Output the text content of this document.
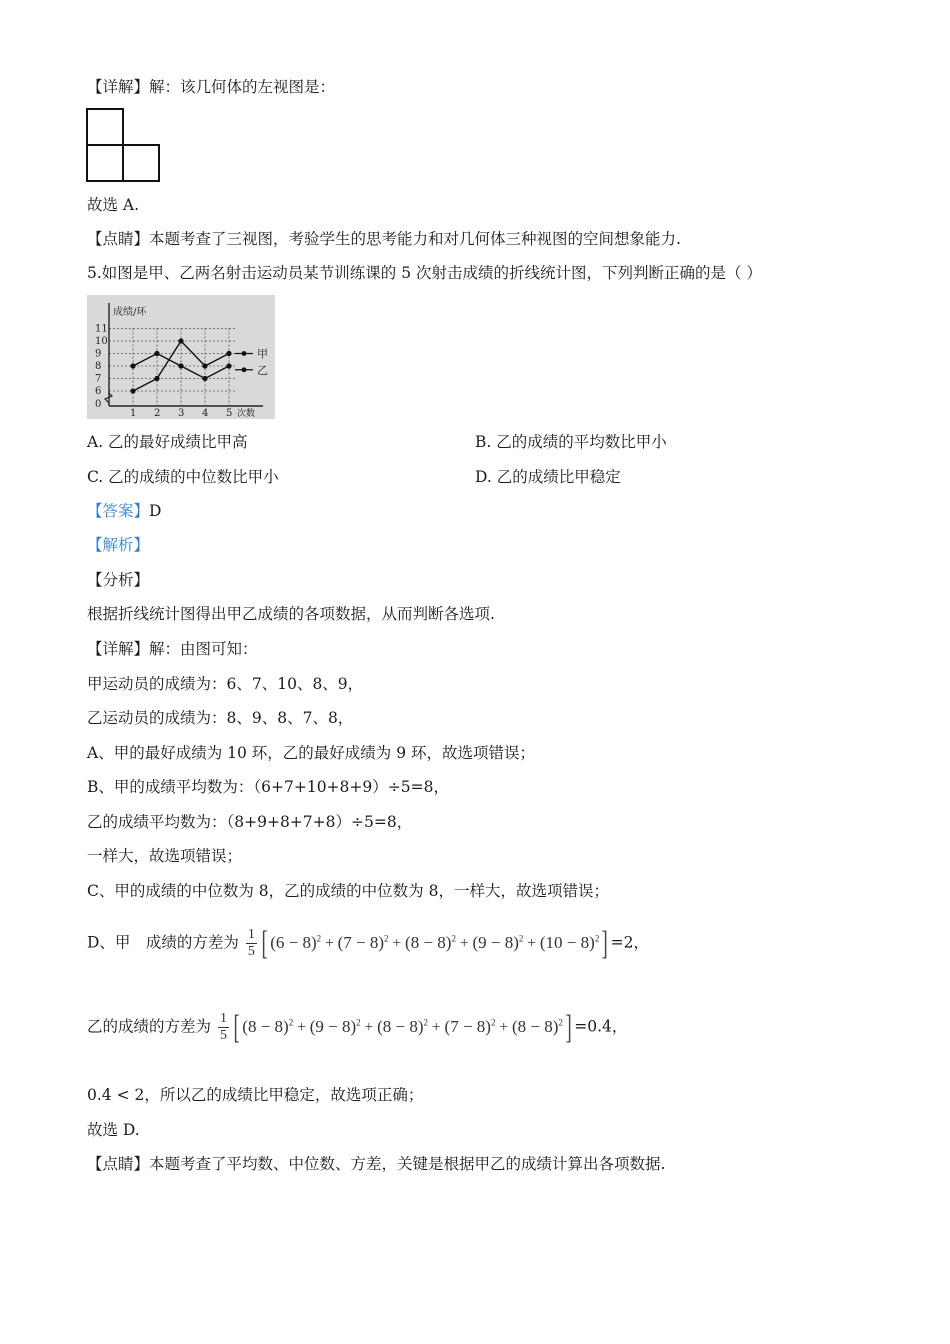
【详解】解：该几何体的左视图是：
故选 A.
【点睛】本题考查了三视图，考验学生的思考能力和对几何体三种视图的空间想象能力.
5.如图是甲、乙两名射击运动员某节训练课的 5 次射击成绩的折线统计图，下列判断正确的是（ ）
成绩/环
0
6
7
8
9
10
11
1 2 3 4 5 次数
甲
乙
A. 乙的最好成绩比甲高	B. 乙的成绩的平均数比甲小
C. 乙的成绩的中位数比甲小	D. 乙的成绩比甲稳定
【答案】D
【解析】
【分析】
根据折线统计图得出甲乙成绩的各项数据，从而判断各选项.
【详解】解：由图可知：
甲运动员的成绩为：6、7、10、8、9，
乙运动员的成绩为：8、9、8、7、8，
A、甲的最好成绩为 10 环，乙的最好成绩为 9 环，故选项错误；
B、甲的成绩平均数为：（6+7+10+8+9）÷5=8，
乙的成绩平均数为：（8+9+8+7+8）÷5=8，
一样大，故选项错误；
C、甲的成绩的中位数为 8，乙的成绩的中位数为 8，一样大，故选项错误；
D、甲　成绩的方差为 $\frac{1}{5}$ [ $(6 - 8)^2 + (7 - 8)^2 + (8 - 8)^2 + (9 - 8)^2 + (10 - 8)^2] =2$，
乙的成绩的方差为 $\frac{1}{5}$ [ $(8 - 8)^2 + (9 - 8)^2 + (8 - 8)^2 + (7 - 8)^2 + (8 - 8)^2] =0.4$，
0.4 < 2，所以乙的成绩比甲稳定，故选项正确；
故选 D.
【点睛】本题考查了平均数、中位数、方差，关键是根据甲乙的成绩计算出各项数据.
